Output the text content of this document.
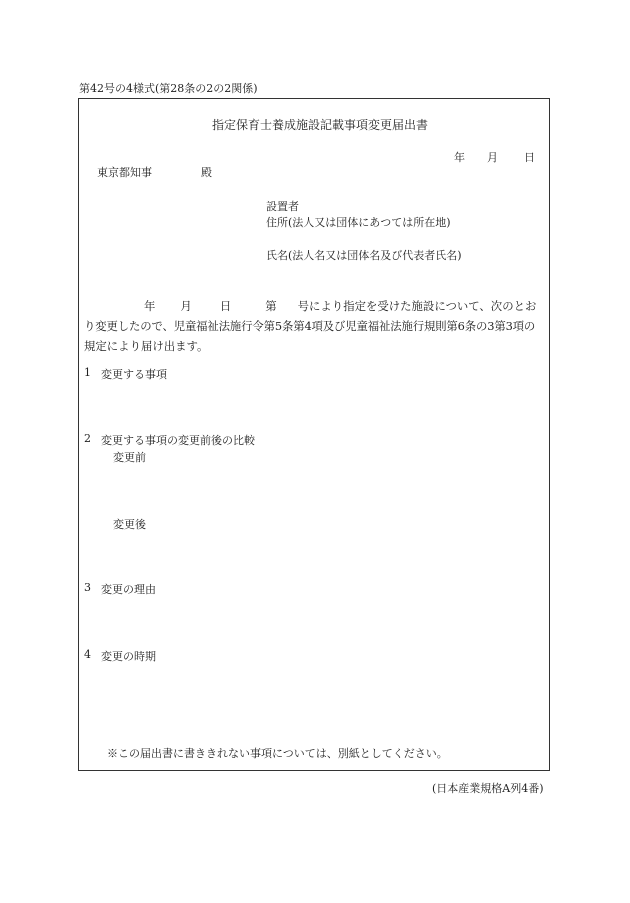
第42号の4様式(第28条の2の2関係)
指定保育士養成施設記載事項変更届出書
年 月 日
東京都知事	殿
設置者
住所(法人又は団体にあつては所在地)
氏名(法人名又は団体名及び代表者氏名)
年 月 日	第 号により指定を受けた施設について、次のとお
り変更したので、児童福祉法施行令第5条第4項及び児童福祉法施行規則第6条の3第3項の
規定により届け出ます。
1 変更する事項
2 変更する事項の変更前後の比較
変更前
変更後
3 変更の理由
4 変更の時期
※この届出書に書ききれない事項については、別紙としてください。
(日本産業規格A列4番)
